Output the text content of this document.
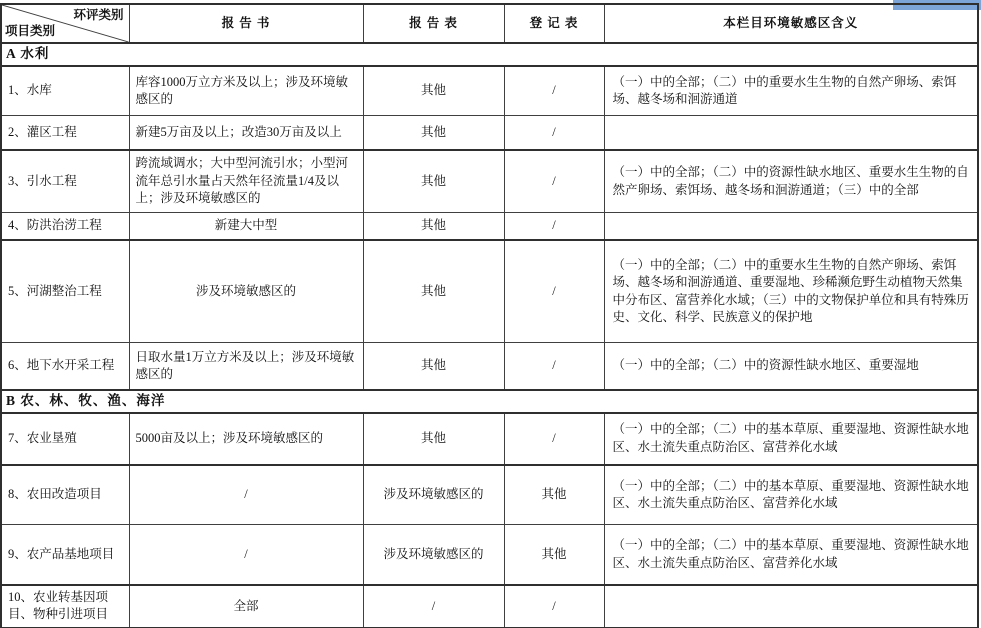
环评类别
项目类别	报 告 书	报 告 表	登 记 表	本栏目环境敏感区含义
A 水利				
1、水库	库容1000万立方米及以上；涉及环境敏感区的	其他	/	（一）中的全部；（二）中的重要水生生物的自然产卵场、索饵场、越冬场和洄游通道
2、灌区工程	新建5万亩及以上；改造30万亩及以上	其他	/	
3、引水工程	跨流域调水；大中型河流引水；小型河流年总引水量占天然年径流量1/4及以上；涉及环境敏感区的	其他	/	（一）中的全部；（二）中的资源性缺水地区、重要水生生物的自然产卵场、索饵场、越冬场和洄游通道；（三）中的全部
4、防洪治涝工程	新建大中型	其他	/	
5、河湖整治工程	涉及环境敏感区的	其他	/	（一）中的全部；（二）中的重要水生生物的自然产卵场、索饵场、越冬场和洄游通道、重要湿地、珍稀濒危野生动植物天然集中分布区、富营养化水域；（三）中的文物保护单位和具有特殊历史、文化、科学、民族意义的保护地
6、地下水开采工程	日取水量1万立方米及以上；涉及环境敏感区的	其他	/	（一）中的全部；（二）中的资源性缺水地区、重要湿地
B 农、林、牧、渔、海洋				
7、农业垦殖	5000亩及以上；涉及环境敏感区的	其他	/	（一）中的全部；（二）中的基本草原、重要湿地、资源性缺水地区、水土流失重点防治区、富营养化水域
8、农田改造项目	/	涉及环境敏感区的	其他	（一）中的全部；（二）中的基本草原、重要湿地、资源性缺水地区、水土流失重点防治区、富营养化水域
9、农产品基地项目	/	涉及环境敏感区的	其他	（一）中的全部；（二）中的基本草原、重要湿地、资源性缺水地区、水土流失重点防治区、富营养化水域
10、农业转基因项目、物种引进项目	全部	/	/	
